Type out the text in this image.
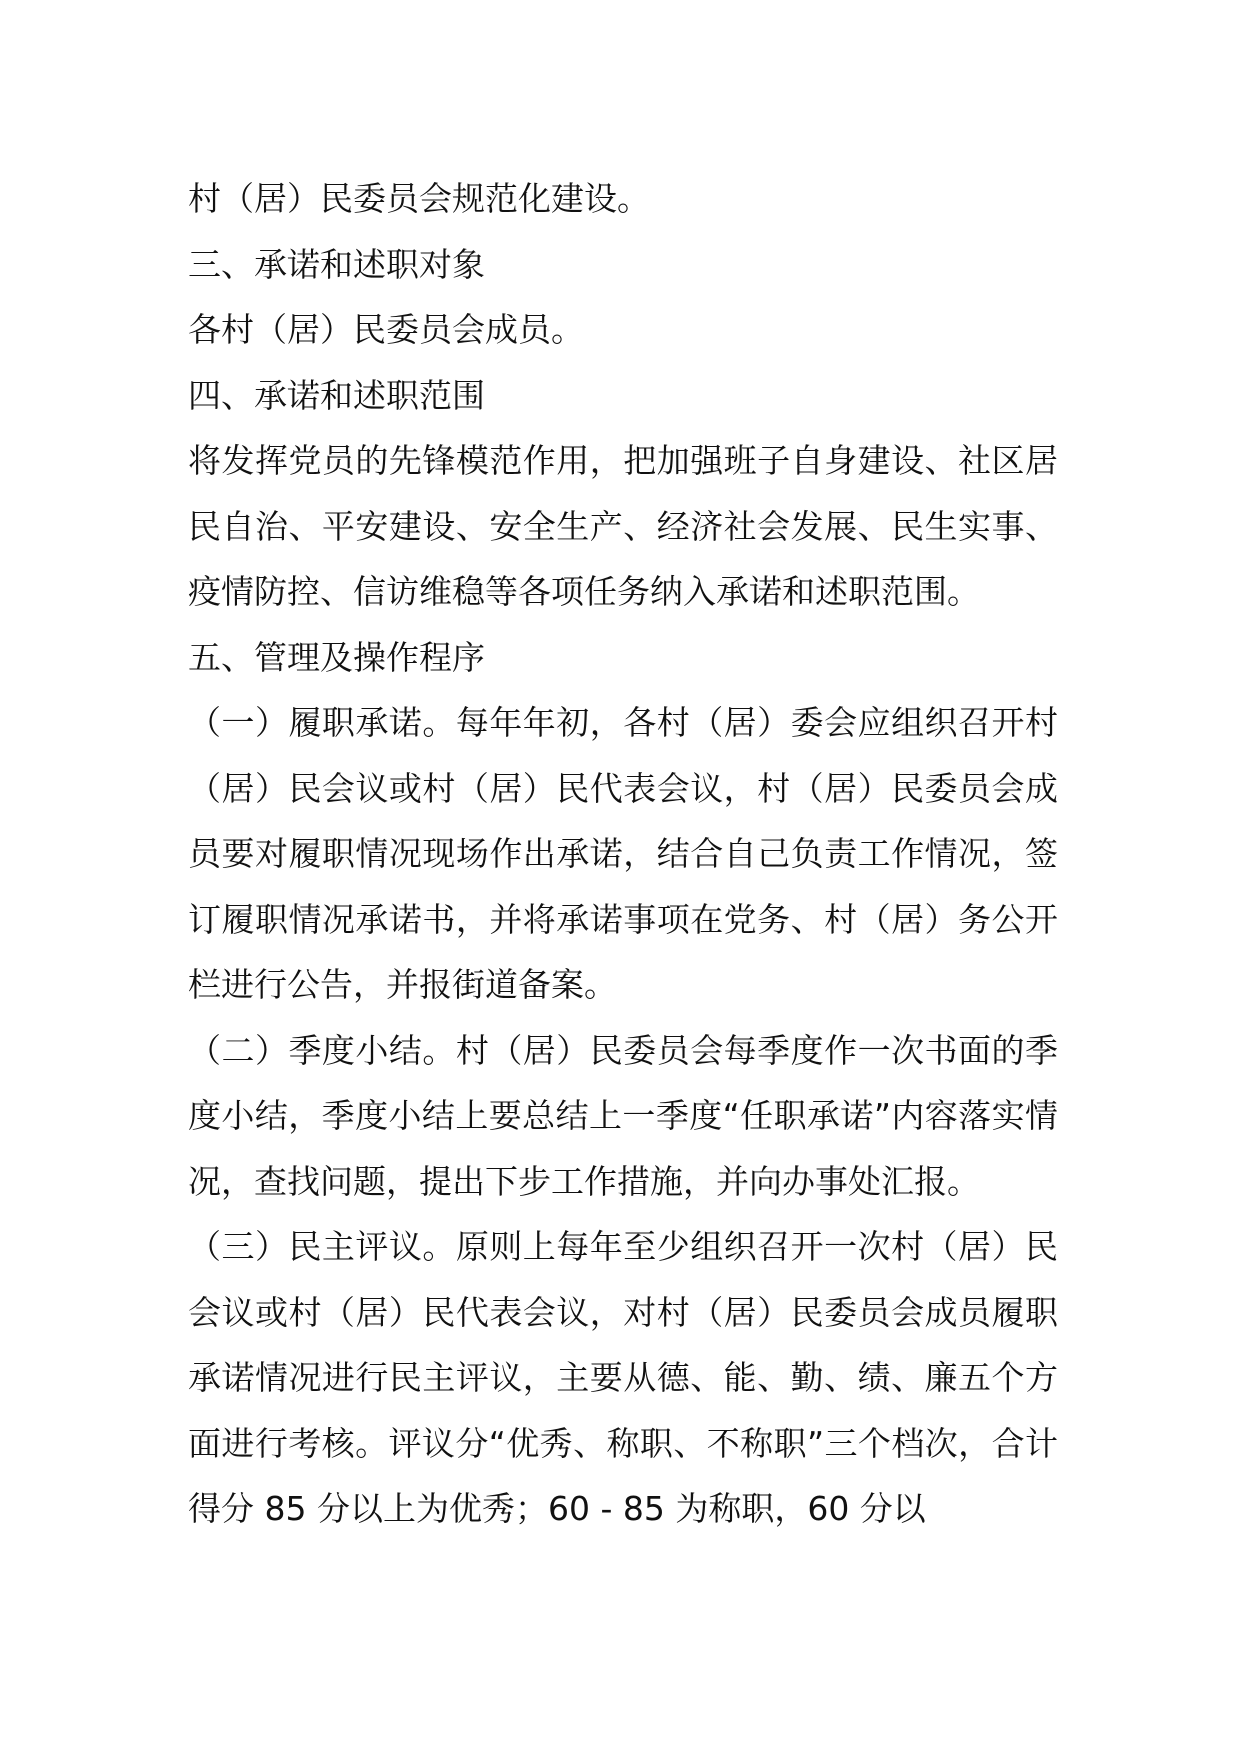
村（居）民委员会规范化建设。

三、承诺和述职对象

各村（居）民委员会成员。

四、承诺和述职范围

将发挥党员的先锋模范作用，把加强班子自身建设、社区居民自治、平安建设、安全生产、经济社会发展、民生实事、疫情防控、信访维稳等各项任务纳入承诺和述职范围。

五、管理及操作程序

（一）履职承诺。每年年初，各村（居）委会应组织召开村（居）民会议或村（居）民代表会议，村（居）民委员会成员要对履职情况现场作出承诺，结合自己负责工作情况，签订履职情况承诺书，并将承诺事项在党务、村（居）务公开栏进行公告，并报街道备案。

（二）季度小结。村（居）民委员会每季度作一次书面的季度小结，季度小结上要总结上一季度“任职承诺”内容落实情况，查找问题，提出下步工作措施，并向办事处汇报。

（三）民主评议。原则上每年至少组织召开一次村（居）民会议或村（居）民代表会议，对村（居）民委员会成员履职承诺情况进行民主评议，主要从德、能、勤、绩、廉五个方面进行考核。评议分“优秀、称职、不称职”三个档次，合计得分 85 分以上为优秀；60 - 85 为称职，60 分以
